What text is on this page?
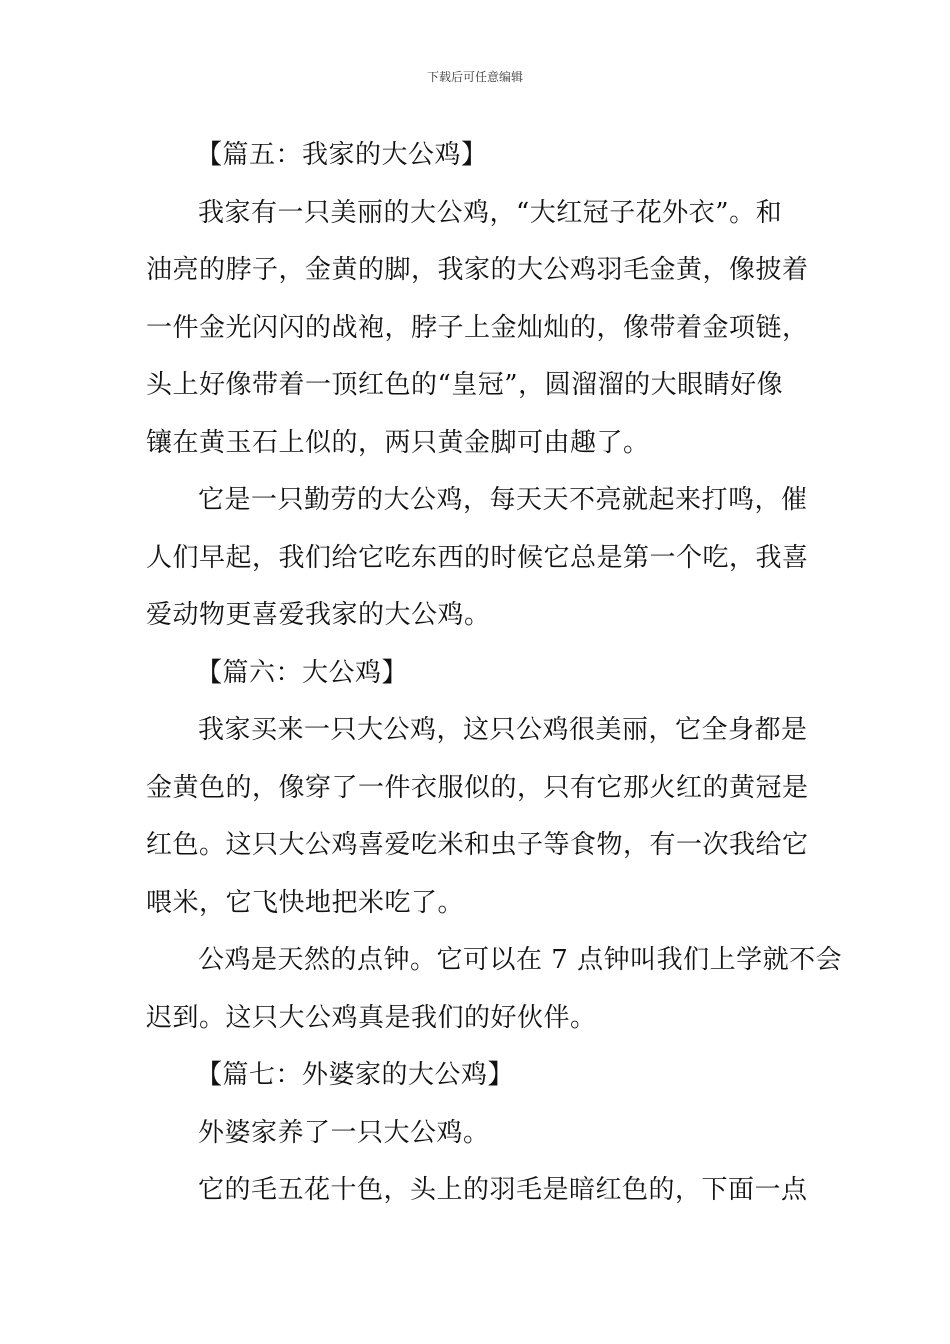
下载后可任意编辑
【篇五：我家的大公鸡】
我家有一只美丽的大公鸡，“大红冠子花外衣”。和
油亮的脖子，金黄的脚，我家的大公鸡羽毛金黄，像披着
一件金光闪闪的战袍，脖子上金灿灿的，像带着金项链，
头上好像带着一顶红色的“皇冠”，圆溜溜的大眼睛好像
镶在黄玉石上似的，两只黄金脚可由趣了。
它是一只勤劳的大公鸡，每天天不亮就起来打鸣，催
人们早起，我们给它吃东西的时候它总是第一个吃，我喜
爱动物更喜爱我家的大公鸡。
【篇六：大公鸡】
我家买来一只大公鸡，这只公鸡很美丽，它全身都是
金黄色的，像穿了一件衣服似的，只有它那火红的黄冠是
红色。这只大公鸡喜爱吃米和虫子等食物，有一次我给它
喂米，它飞快地把米吃了。
公鸡是天然的点钟。它可以在 7 点钟叫我们上学就不会
迟到。这只大公鸡真是我们的好伙伴。
【篇七：外婆家的大公鸡】
外婆家养了一只大公鸡。
它的毛五花十色，头上的羽毛是暗红色的，下面一点
